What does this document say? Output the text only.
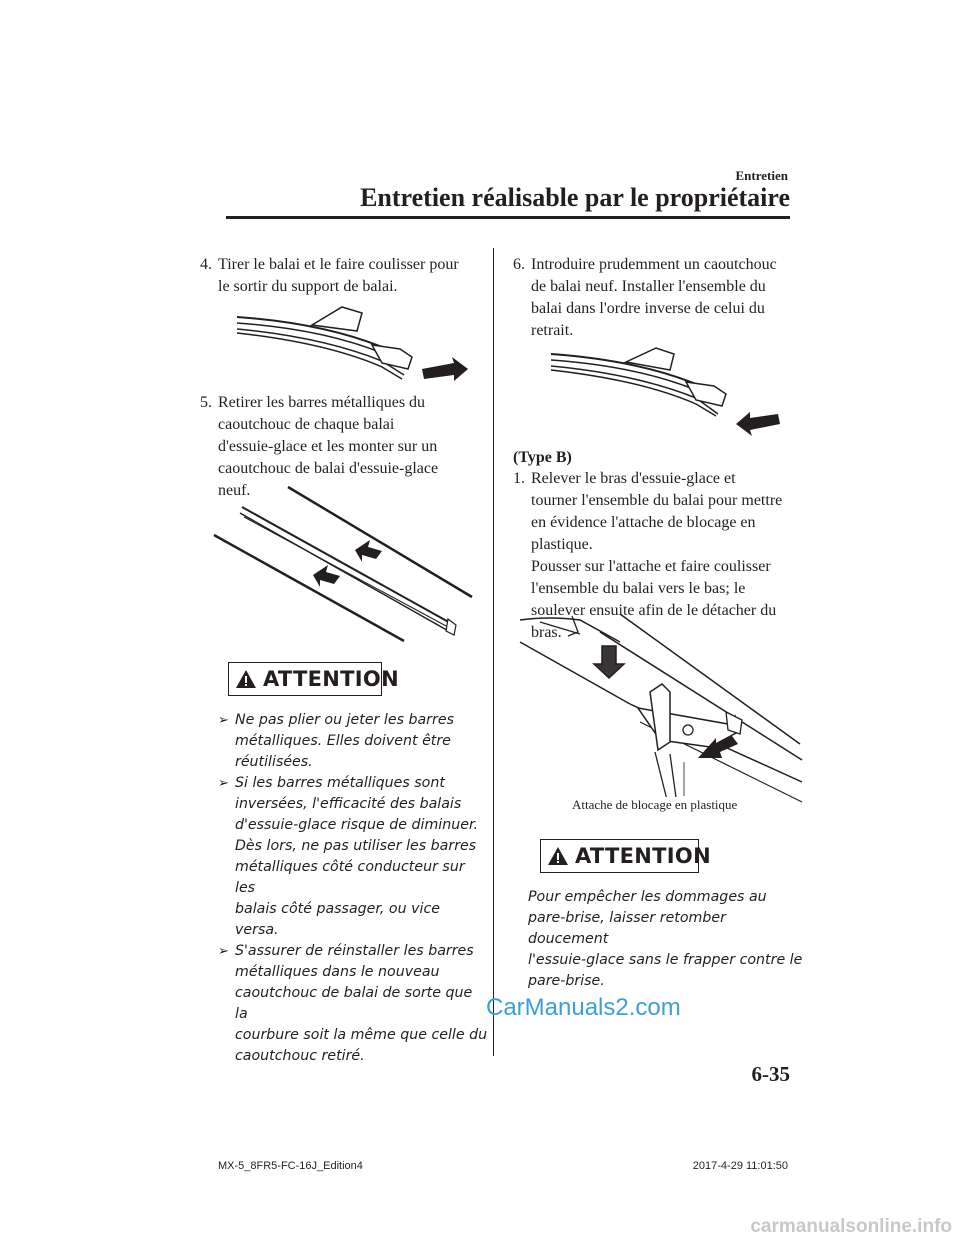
Entretien
Entretien réalisable par le propriétaire
4. Tirer le balai et le faire coulisser pour
le sortir du support de balai.
5. Retirer les barres métalliques du
caoutchouc de chaque balai
d'essuie-glace et les monter sur un
caoutchouc de balai d'essuie-glace
neuf.
ATTENTION
➢ Ne pas plier ou jeter les barres
métalliques. Elles doivent être
réutilisées.
➢ Si les barres métalliques sont
inversées, l'efficacité des balais
d'essuie-glace risque de diminuer.
Dès lors, ne pas utiliser les barres
métalliques côté conducteur sur les
balais côté passager, ou vice versa.
➢ S'assurer de réinstaller les barres
métalliques dans le nouveau
caoutchouc de balai de sorte que la
courbure soit la même que celle du
caoutchouc retiré.
6. Introduire prudemment un caoutchouc
de balai neuf. Installer l'ensemble du
balai dans l'ordre inverse de celui du
retrait.
(Type B)
1. Relever le bras d'essuie-glace et
tourner l'ensemble du balai pour mettre
en évidence l'attache de blocage en
plastique.
Pousser sur l'attache et faire coulisser
l'ensemble du balai vers le bas; le
soulever ensuite afin de le détacher du
bras.
Attache de blocage en plastique
ATTENTION
Pour empêcher les dommages au
pare-brise, laisser retomber doucement
l'essuie-glace sans le frapper contre le
pare-brise.
CarManuals2.com
6-35
MX-5_8FR5-FC-16J_Edition4	2017-4-29 11:01:50
carmanualsonline.info
